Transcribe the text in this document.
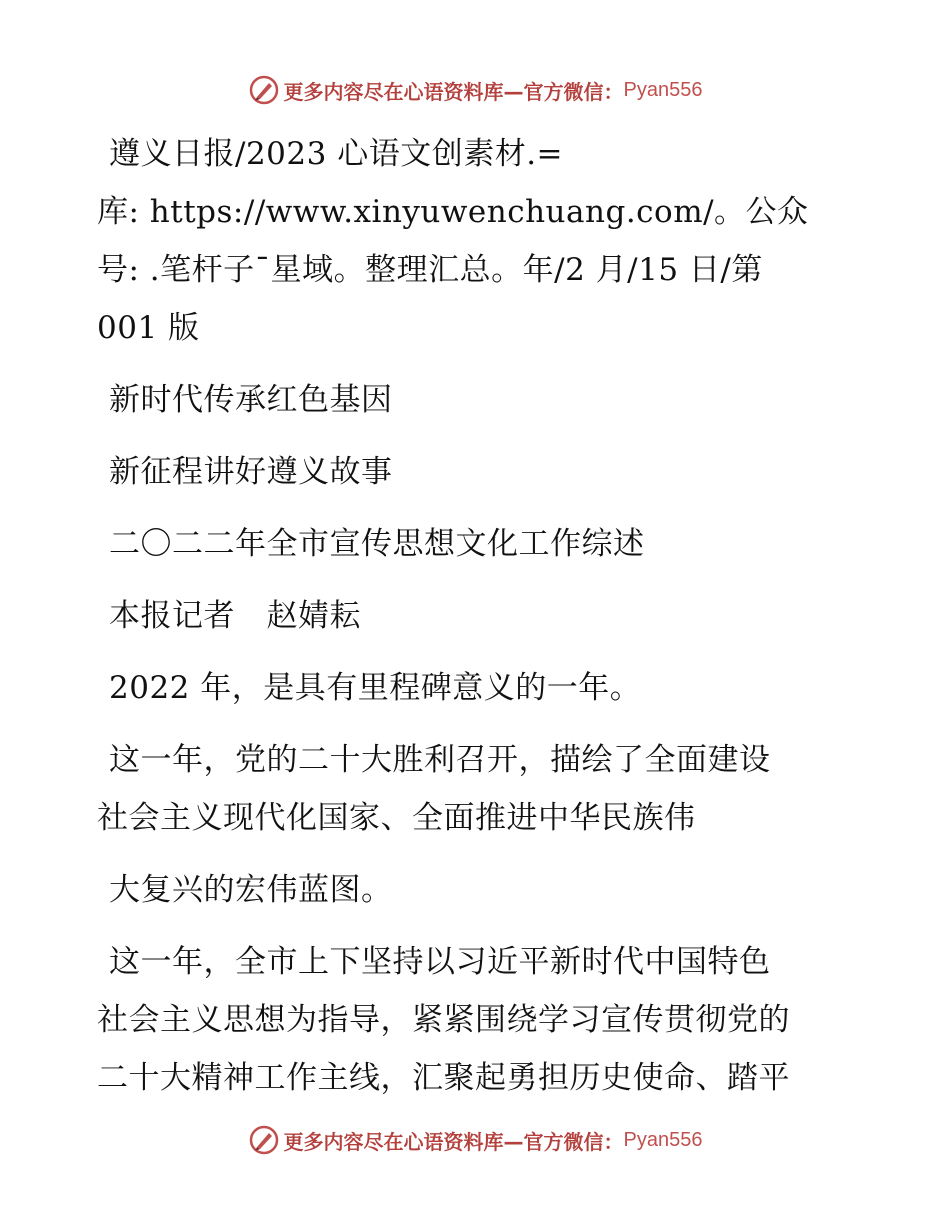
更多内容尽在心语资料库—官方微信： Pyan556
遵义日报/2023 心语文创素材.=
库: https://www.xinyuwenchuang.com/。公众
号: .笔杆子¯星域。整理汇总。年/2 月/15 日/第
001 版
新时代传承红色基因
新征程讲好遵义故事
二〇二二年全市宣传思想文化工作综述
本报记者　赵婧耘
2022 年，是具有里程碑意义的一年。
这一年，党的二十大胜利召开，描绘了全面建设
社会主义现代化国家、全面推进中华民族伟
大复兴的宏伟蓝图。
这一年，全市上下坚持以习近平新时代中国特色
社会主义思想为指导，紧紧围绕学习宣传贯彻党的
二十大精神工作主线，汇聚起勇担历史使命、踏平
更多内容尽在心语资料库—官方微信： Pyan556
